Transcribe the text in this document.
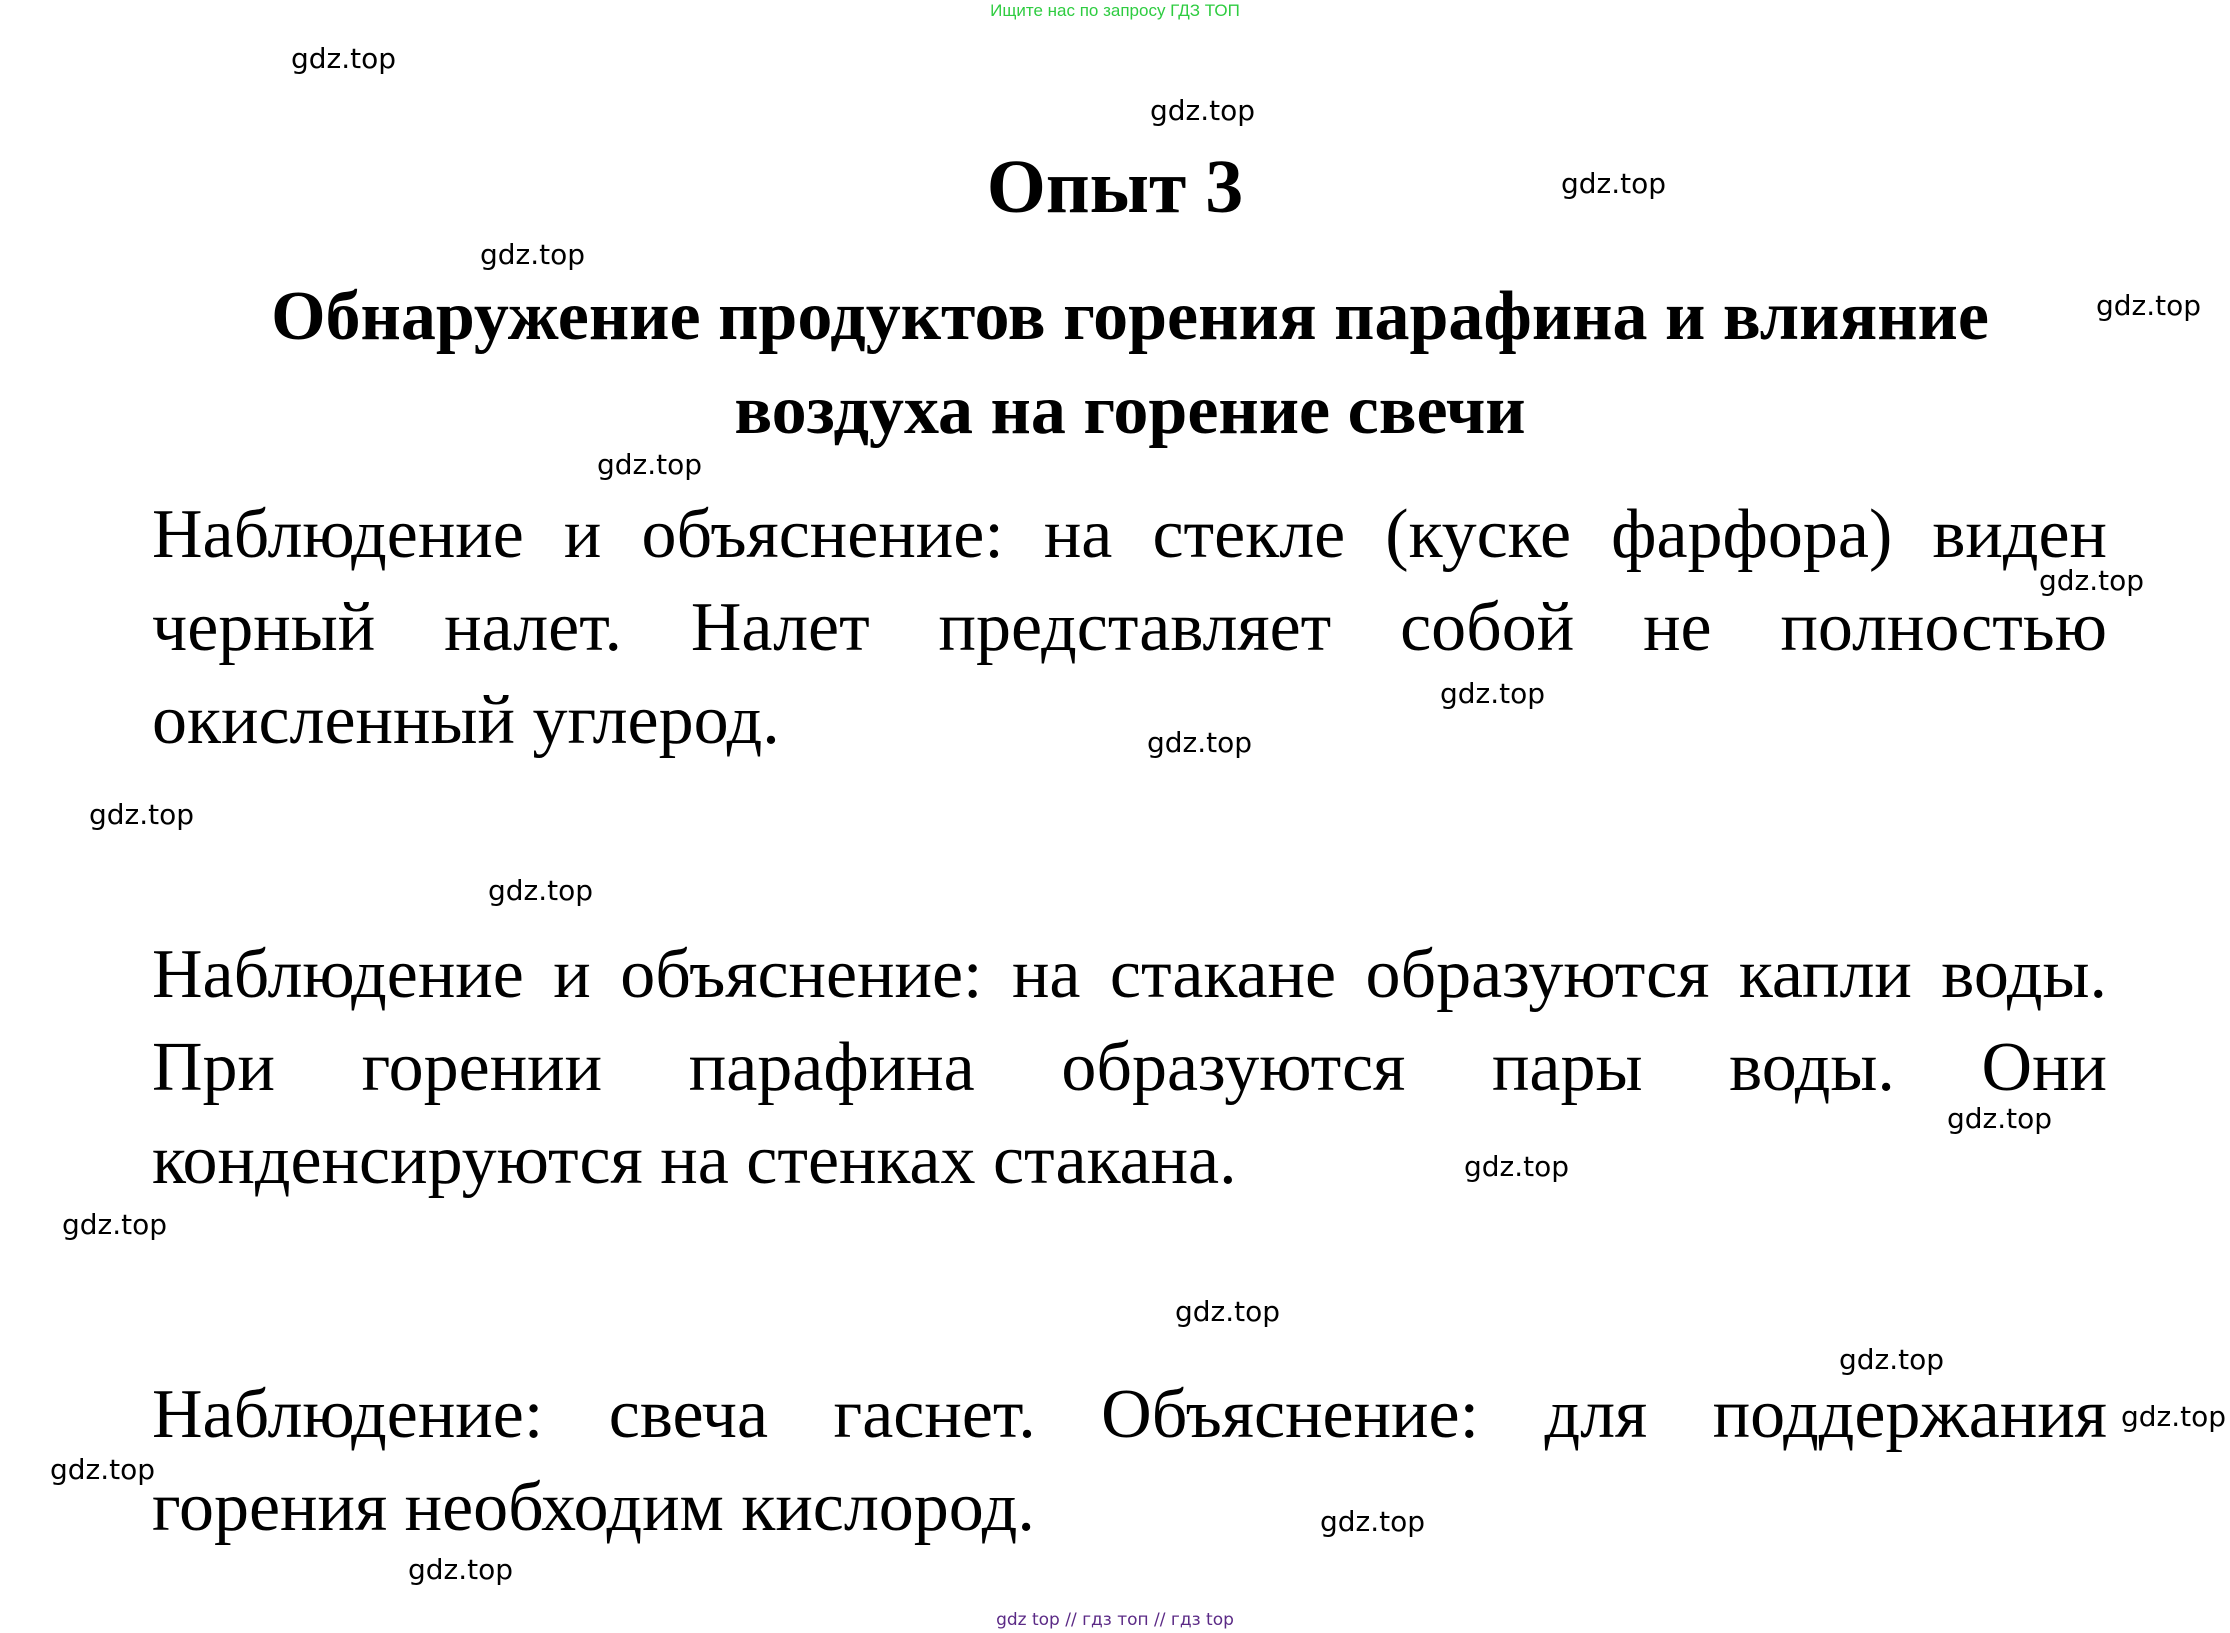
Ищите нас по запросу ГДЗ ТОП
Опыт 3
Обнаружение продуктов горения парафина и влияние воздуха на горение свечи

Наблюдение и объяснение: на стекле (куске фарфора) виден черный налет. Налет представляет собой не полностью окисленный углерод.

Наблюдение и объяснение: на стакане образуются капли воды. При горении парафина образуются пары воды. Они конденсируются на стенках стакана.

Наблюдение: свеча гаснет. Объяснение: для поддержания горения необходим кислород.

gdz.top
gdz.top
gdz.top
gdz.top
gdz.top
gdz.top
gdz.top
gdz.top
gdz.top
gdz.top
gdz.top
gdz.top
gdz.top
gdz.top
gdz.top
gdz.top
gdz.top
gdz.top
gdz.top
gdz.top
gdz top // гдз топ // гдз top
